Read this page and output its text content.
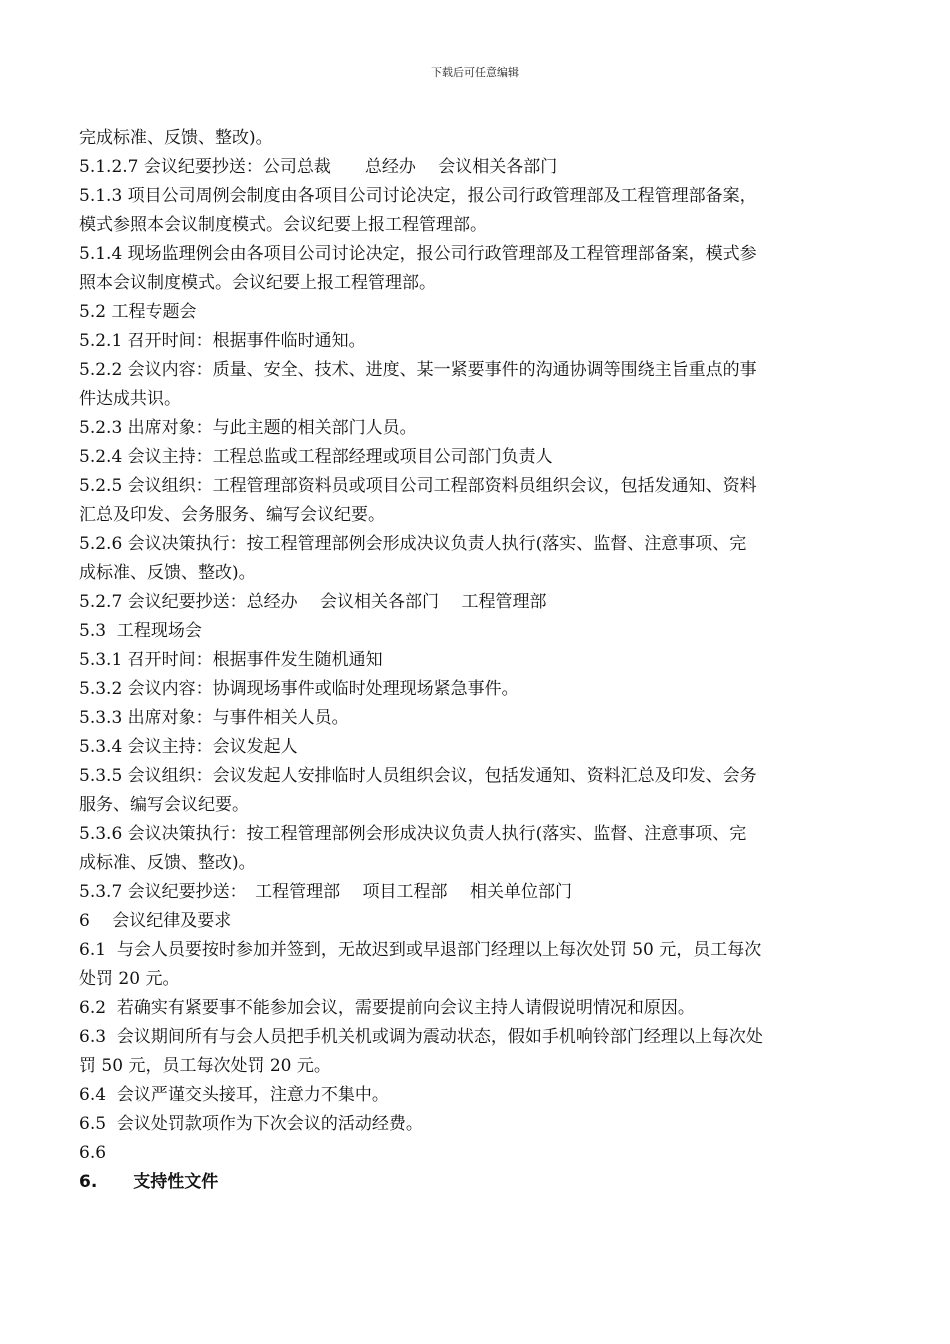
下载后可任意编辑
完成标准、反馈、整改)。
5.1.2.7 会议纪要抄送：公司总裁　　总经办　 会议相关各部门
5.1.3 项目公司周例会制度由各项目公司讨论决定，报公司行政管理部及工程管理部备案，
模式参照本会议制度模式。会议纪要上报工程管理部。
5.1.4 现场监理例会由各项目公司讨论决定，报公司行政管理部及工程管理部备案，模式参
照本会议制度模式。会议纪要上报工程管理部。
5.2 工程专题会
5.2.1 召开时间：根据事件临时通知。
5.2.2 会议内容：质量、安全、技术、进度、某一紧要事件的沟通协调等围绕主旨重点的事
件达成共识。
5.2.3 出席对象：与此主题的相关部门人员。
5.2.4 会议主持：工程总监或工程部经理或项目公司部门负责人
5.2.5 会议组织：工程管理部资料员或项目公司工程部资料员组织会议，包括发通知、资料
汇总及印发、会务服务、编写会议纪要。
5.2.6 会议决策执行：按工程管理部例会形成决议负责人执行(落实、监督、注意事项、完
成标准、反馈、整改)。
5.2.7 会议纪要抄送：总经办　 会议相关各部门　 工程管理部
5.3  工程现场会
5.3.1 召开时间：根据事件发生随机通知
5.3.2 会议内容：协调现场事件或临时处理现场紧急事件。
5.3.3 出席对象：与事件相关人员。
5.3.4 会议主持：会议发起人
5.3.5 会议组织：会议发起人安排临时人员组织会议，包括发通知、资料汇总及印发、会务
服务、编写会议纪要。
5.3.6 会议决策执行：按工程管理部例会形成决议负责人执行(落实、监督、注意事项、完
成标准、反馈、整改)。
5.3.7 会议纪要抄送：　工程管理部　 项目工程部　 相关单位部门
6　 会议纪律及要求
6.1  与会人员要按时参加并签到，无故迟到或早退部门经理以上每次处罚 50 元，员工每次
处罚 20 元。
6.2  若确实有紧要事不能参加会议，需要提前向会议主持人请假说明情况和原因。
6.3  会议期间所有与会人员把手机关机或调为震动状态，假如手机响铃部门经理以上每次处
罚 50 元，员工每次处罚 20 元。
6.4  会议严谨交头接耳，注意力不集中。
6.5  会议处罚款项作为下次会议的活动经费。
6.6
6. 支持性文件
